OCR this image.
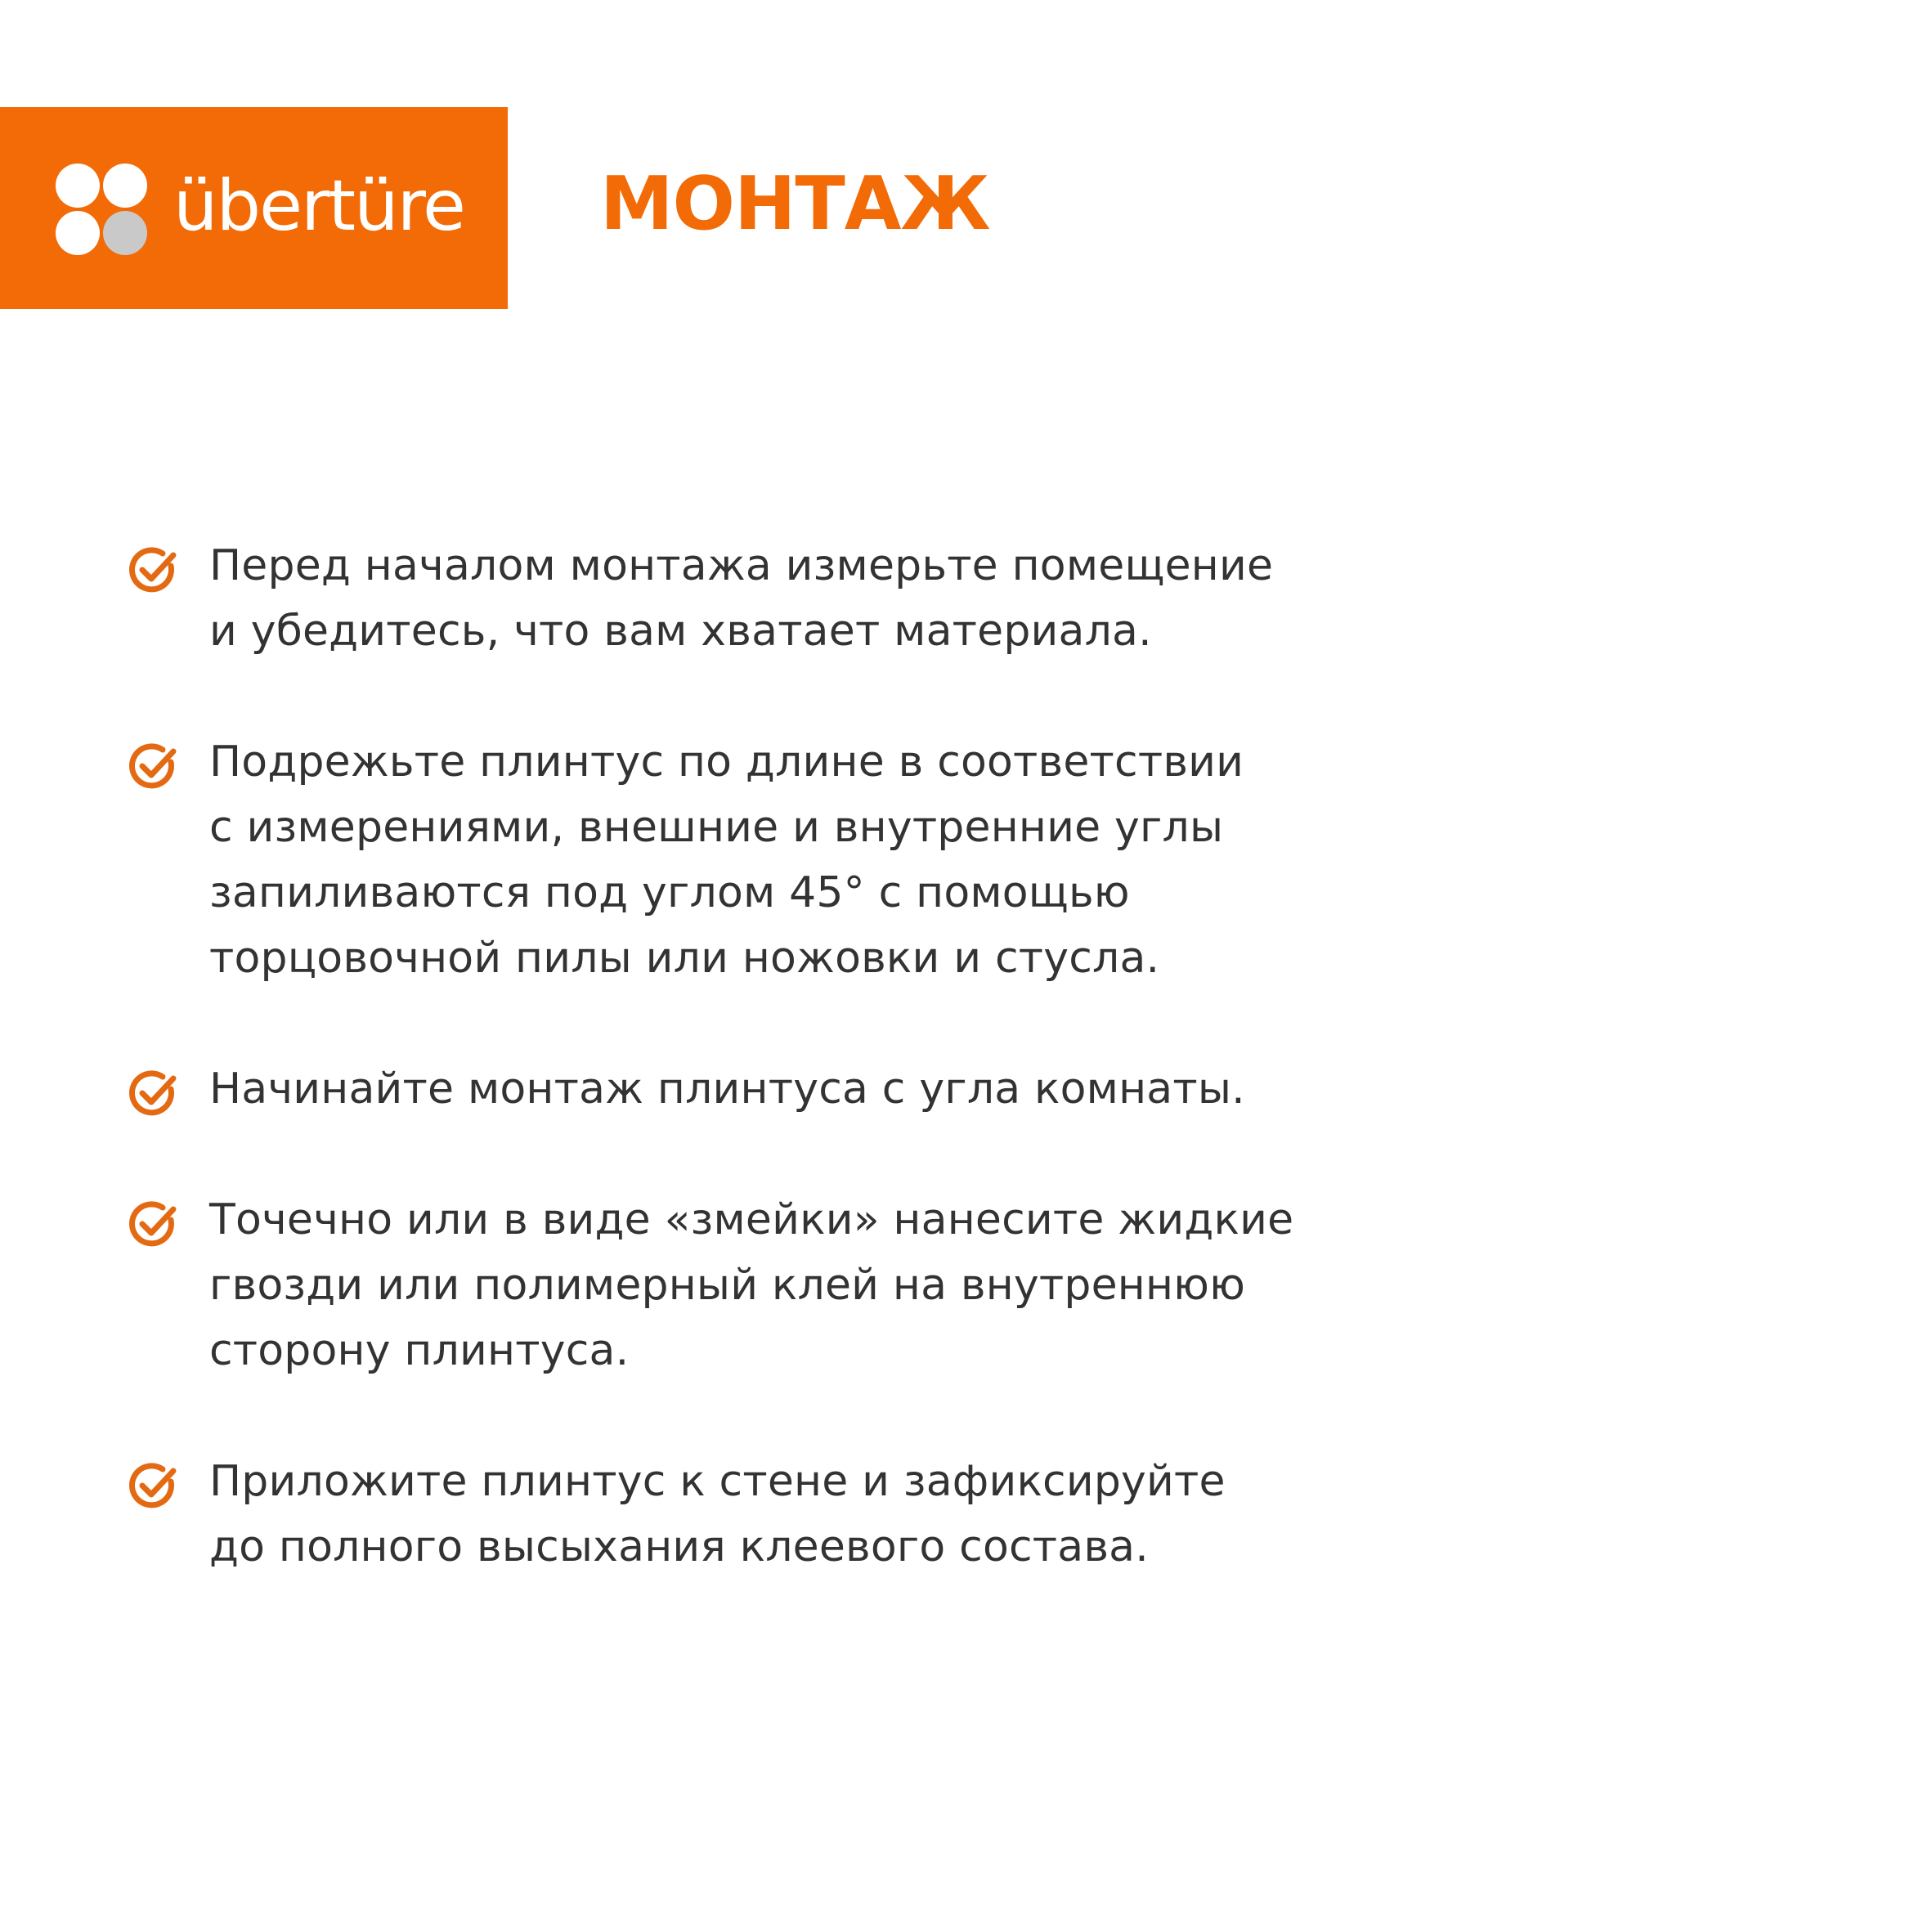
übertüre МОНТАЖ
Перед началом монтажа измерьте помещение
и убедитесь, что вам хватает материала.
Подрежьте плинтус по длине в соответствии
с измерениями, внешние и внутренние углы
запиливаются под углом 45° с помощью
торцовочной пилы или ножовки и стусла.
Начинайте монтаж плинтуса с угла комнаты.
Точечно или в виде «змейки» нанесите жидкие
гвозди или полимерный клей на внутреннюю
сторону плинтуса.
Приложите плинтус к стене и зафиксируйте
до полного высыхания клеевого состава.
